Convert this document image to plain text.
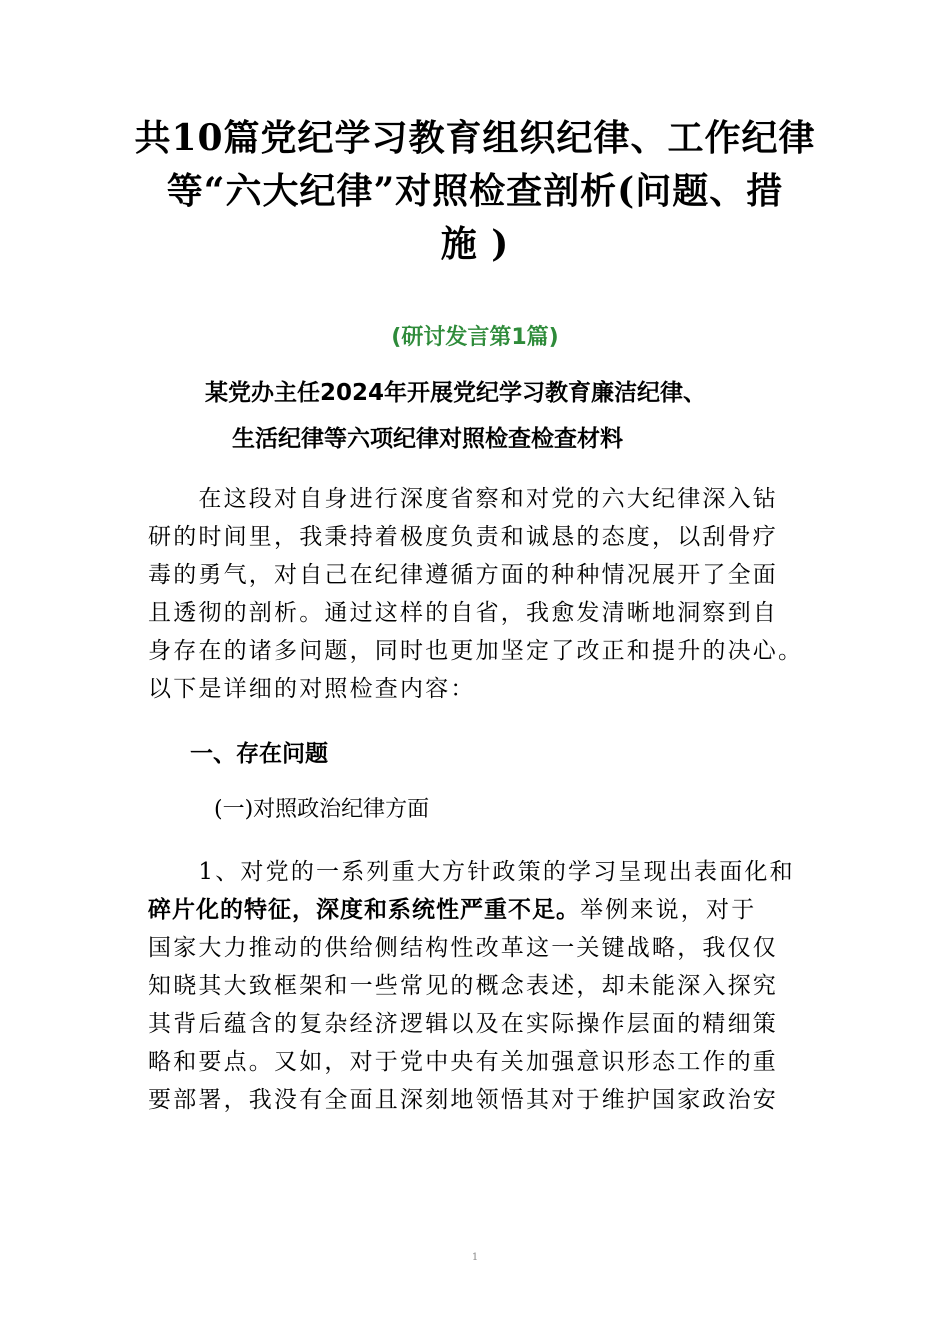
共10篇党纪学习教育组织纪律、工作纪律
等“六大纪律”对照检查剖析(问题、措
施 )
(研讨发言第1篇)
某党办主任2024年开展党纪学习教育廉洁纪律、
生活纪律等六项纪律对照检查检查材料
　　在这段对自身进行深度省察和对党的六大纪律深入钻
研的时间里，我秉持着极度负责和诚恳的态度，以刮骨疗
毒的勇气，对自己在纪律遵循方面的种种情况展开了全面
且透彻的剖析。通过这样的自省，我愈发清晰地洞察到自
身存在的诸多问题，同时也更加坚定了改正和提升的决心。
以下是详细的对照检查内容：
一、存在问题
(一)对照政治纪律方面
　　1、对党的一系列重大方针政策的学习呈现出表面化和
碎片化的特征，深度和系统性严重不足。举例来说，对于
国家大力推动的供给侧结构性改革这一关键战略，我仅仅
知晓其大致框架和一些常见的概念表述，却未能深入探究
其背后蕴含的复杂经济逻辑以及在实际操作层面的精细策
略和要点。又如，对于党中央有关加强意识形态工作的重
要部署，我没有全面且深刻地领悟其对于维护国家政治安
1
